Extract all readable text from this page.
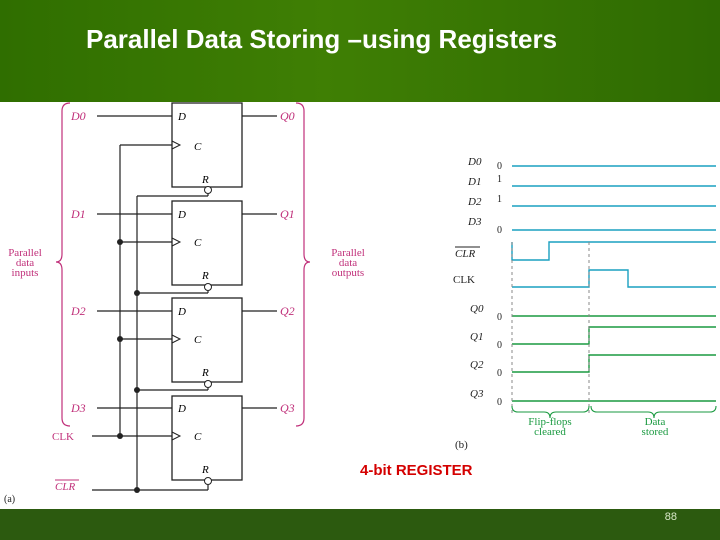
Parallel Data Storing –using Registers
D
C
R
D
C
R
D
C
R
D
C
R
D0
D1
D2
D3
Q0
Q1
Q2
Q3
Parallel
data
inputs
Parallel
data
outputs
CLK
CLR
(a)
D0
D1
D2
D3
0
1
1
0
CLR
CLK
Q0
Q1
Q2
Q3
0
0
0
0
Flip-flops
cleared
Data
stored
(b)
4-bit REGISTER
88
